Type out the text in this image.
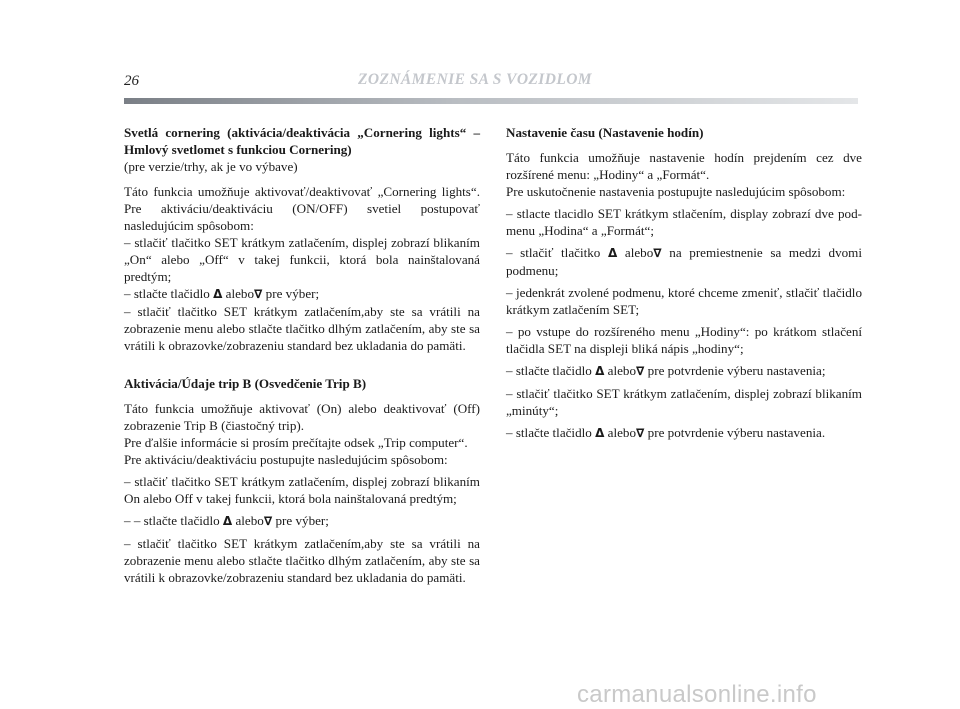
26	ZOZNÁMENIE SA S VOZIDLOM

Svetlá cornering (aktivácia/deaktivácia „Cornering lights“ – Hmlový svetlomet s funkciou Cornering)

(pre verzie/trhy, ak je vo výbave)

Táto funkcia umožňuje aktivovať/deaktivovať „Cornering lights“. Pre aktiváciu/deaktiváciu (ON/OFF) svetiel postupovať nasledujúcim spôsobom:

– stlačiť tlačitko SET krátkym zatlačením, displej zobrazí blikaním „On“ alebo „Off“ v takej funkcii, ktorá bola nainštalovaná predtým;

– stlačte tlačidlo Δ alebo∇ pre výber;

– stlačiť tlačitko SET krátkym zatlačením,aby ste sa vrátili na zobrazenie menu alebo stlačte tlačitko dlhým zatlačením, aby ste sa vrátili k obrazovke/zobrazeniu standard bez ukladania do pamäti.

Aktivácia/Údaje trip B (Osvedčenie Trip B)

Táto funkcia umožňuje aktivovať (On) alebo deaktivovať (Off) zobrazenie Trip B (čiastočný trip).

Pre ďalšie informácie si prosím prečítajte odsek „Trip computer“.

Pre aktiváciu/deaktiváciu postupujte nasledujúcim spôsobom:

– stlačiť tlačitko SET krátkym zatlačením, displej zobrazí blikaním On alebo Off v takej funkcii, ktorá bola nainštalovaná predtým;

– – stlačte tlačidlo Δ alebo∇ pre výber;

– stlačiť tlačitko SET krátkym zatlačením,aby ste sa vrátili na zobrazenie menu alebo stlačte tlačitko dlhým zatlačením, aby ste sa vrátili k obrazovke/zobrazeniu standard bez ukladania do pamäti.

Nastavenie času (Nastavenie hodín)

Táto funkcia umožňuje nastavenie hodín prejdením cez dve rozšírené menu: „Hodiny“ a „Formát“.

Pre uskutočnenie nastavenia postupujte nasledujúcim spôsobom:

– stlacte tlacidlo SET krátkym stlačením, display zobrazí dve pod-menu „Hodina“ a „Formát“;

– stlačiť tlačitko Δ alebo∇ na premiestnenie sa medzi dvomi podmenu;

– jedenkrát zvolené podmenu, ktoré chceme zmeniť, stlačiť tlačidlo krátkym zatlačením SET;

– po vstupe do rozšíreného menu „Hodiny“: po krátkom stlačení tlačidla SET na displeji bliká nápis „hodiny“;

– stlačte tlačidlo Δ alebo∇ pre potvrdenie výberu nastavenia;

– stlačiť tlačitko SET krátkym zatlačením, displej zobrazí blikaním „minúty“;

– stlačte tlačidlo Δ alebo∇ pre potvrdenie výberu nastavenia.

carmanualsonline.info
